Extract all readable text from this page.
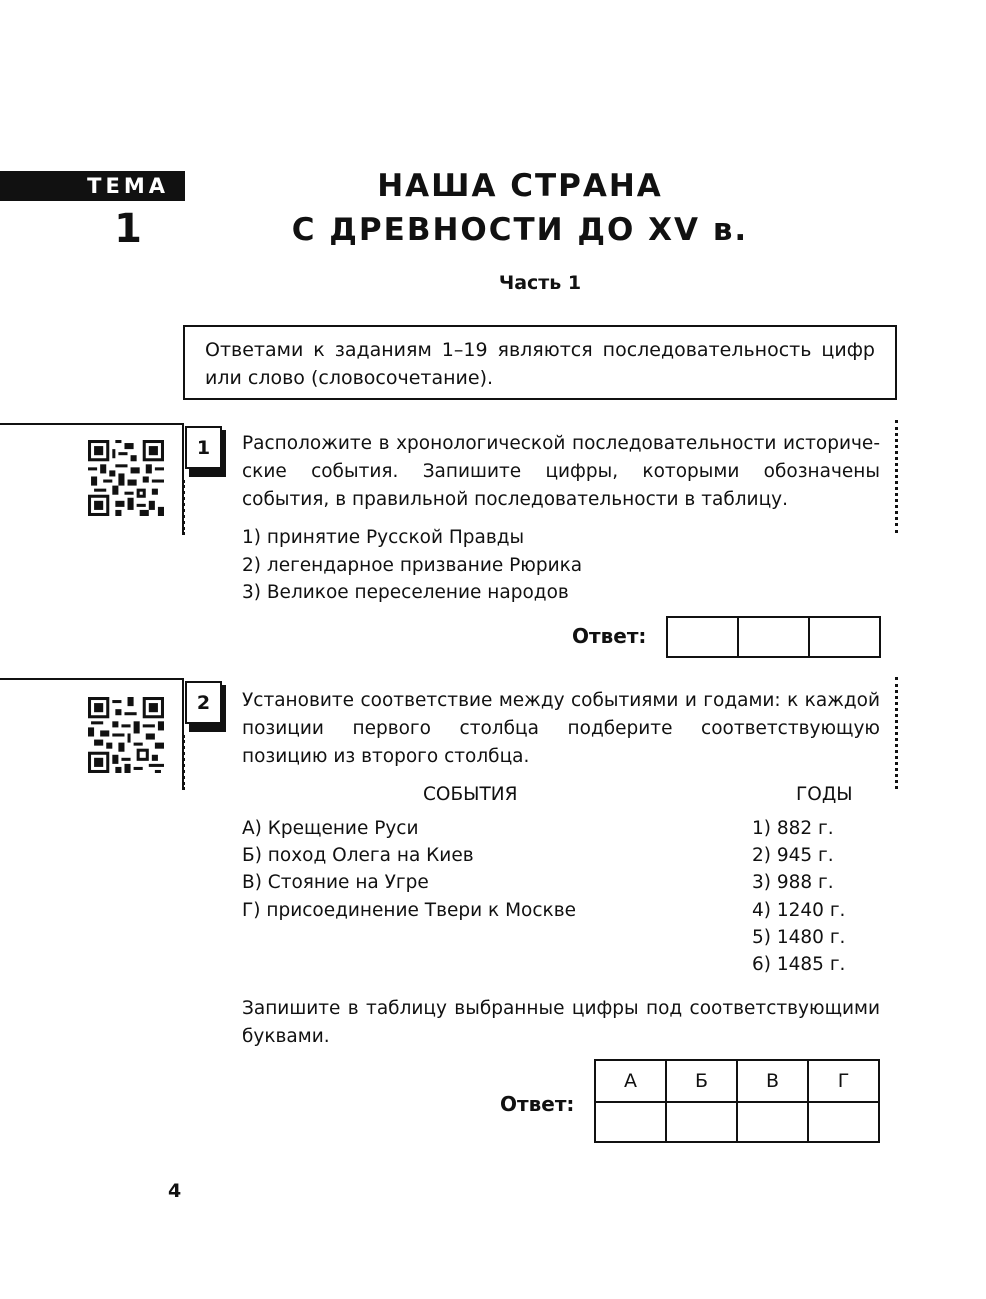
ТЕМА
1
НАША СТРАНА
С ДРЕВНОСТИ ДО XV в.
Часть 1
Ответами к заданиям 1–19 являются последовательность цифр или слово (словосочетание).
1	Расположите в хронологической последовательности историче-ские события. Запишите цифры, которыми обозначены события, в правильной последовательности в таблицу.
1) принятие Русской Правды
2) легендарное призвание Рюрика
3) Великое переселение народов
Ответ:

2	Установите соответствие между событиями и годами: к каждой позиции первого столбца подберите соответствующую позицию из второго столбца.
СОБЫТИЯ	ГОДЫ
А) Крещение Руси
Б) поход Олега на Киев
В) Стояние на Угре
Г) присоединение Твери к Москве
1) 882 г.
2) 945 г.
3) 988 г.
4) 1240 г.
5) 1480 г.
6) 1485 г.
Запишите в таблицу выбранные цифры под соответствующими буквами.
Ответ:
А	Б	В	Г

4
